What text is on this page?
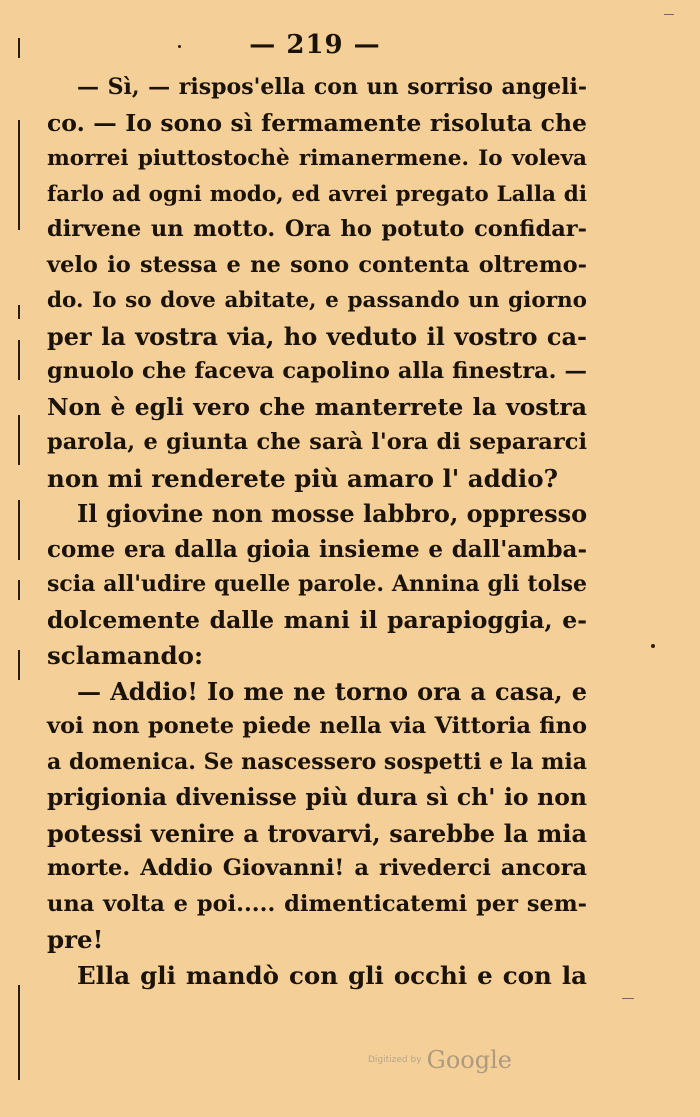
— 219 —
— Sì, — rispos'ella con un sorriso angeli-
co. — Io sono sì fermamente risoluta che
morrei piuttostochè rimanermene. Io voleva
farlo ad ogni modo, ed avrei pregato Lalla di
dirvene un motto. Ora ho potuto confidar-
velo io stessa e ne sono contenta oltremo-
do. Io so dove abitate, e passando un giorno
per la vostra via, ho veduto il vostro ca-
gnuolo che faceva capolino alla finestra. —
Non è egli vero che manterrete la vostra
parola, e giunta che sarà l'ora di separarci
non mi renderete più amaro l' addio?
Il giovine non mosse labbro, oppresso
come era dalla gioia insieme e dall'amba-
scia all'udire quelle parole. Annina gli tolse
dolcemente dalle mani il parapioggia, e-
sclamando:
— Addio! Io me ne torno ora a casa, e
voi non ponete piede nella via Vittoria fino
a domenica. Se nascessero sospetti e la mia
prigionia divenisse più dura sì ch' io non
potessi venire a trovarvi, sarebbe la mia
morte. Addio Giovanni! a rivederci ancora
una volta e poi..... dimenticatemi per sem-
pre!
Ella gli mandò con gli occhi e con la
Digitized by Google
